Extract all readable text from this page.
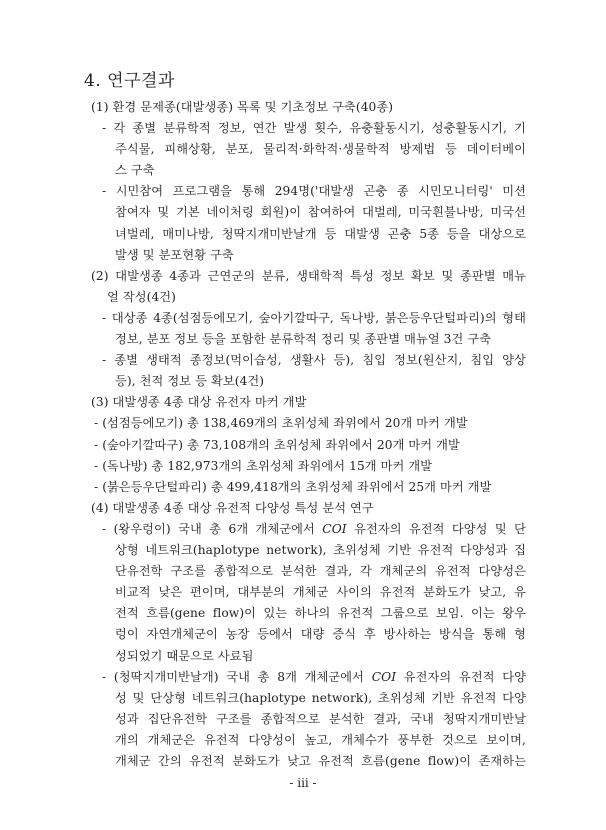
4. 연구결과
(1) 환경 문제종(대발생종) 목록 및 기초정보 구축(40종)
- 각 종별 분류학적 정보, 연간 발생 횟수, 유충활동시기, 성충활동시기, 기
주식물, 피해상황, 분포, 물리적·화학적·생물학적 방제법 등 데이터베이
스 구축
- 시민참여 프로그램을 통해 294명('대발생 곤충 종 시민모니터링' 미션
참여자 및 기본 네이처링 회원)이 참여하여 대벌레, 미국흰불나방, 미국선
녀벌레, 매미나방, 청딱지개미반날개 등 대발생 곤충 5종 등을 대상으로
발생 및 분포현황 구축
(2) 대발생종 4종과 근연군의 분류, 생태학적 특성 정보 확보 및 종판별 매뉴
얼 작성(4건)
- 대상종 4종(섬점등에모기, 숲아기깔따구, 독나방, 붉은등우단털파리)의 형태
정보, 분포 정보 등을 포함한 분류학적 정리 및 종판별 매뉴얼 3건 구축
- 종별 생태적 종정보(먹이습성, 생활사 등), 침입 정보(원산지, 침입 양상
등), 천적 정보 등 확보(4건)
(3) 대발생종 4종 대상 유전자 마커 개발
- (섬점등에모기) 총 138,469개의 초위성체 좌위에서 20개 마커 개발
- (숲아기깔따구) 총 73,108개의 초위성체 좌위에서 20개 마커 개발
- (독나방) 총 182,973개의 초위성체 좌위에서 15개 마커 개발
- (붉은등우단털파리) 총 499,418개의 초위성체 좌위에서 25개 마커 개발
(4) 대발생종 4종 대상 유전적 다양성 특성 분석 연구
- (왕우렁이) 국내 총 6개 개체군에서 COI 유전자의 유전적 다양성 및 단
상형 네트워크(haplotype network), 초위성체 기반 유전적 다양성과 집
단유전학 구조를 종합적으로 분석한 결과, 각 개체군의 유전적 다양성은
비교적 낮은 편이며, 대부분의 개체군 사이의 유전적 분화도가 낮고, 유
전적 흐름(gene flow)이 있는 하나의 유전적 그룹으로 보임. 이는 왕우
렁이 자연개체군이 농장 등에서 대량 증식 후 방사하는 방식을 통해 형
성되었기 때문으로 사료됨
- (청딱지개미반날개) 국내 총 8개 개체군에서 COI 유전자의 유전적 다양
성 및 단상형 네트워크(haplotype network), 초위성체 기반 유전적 다양
성과 집단유전학 구조를 종합적으로 분석한 결과, 국내 청딱지개미반날
- iii -
개의 개체군은 유전적 다양성이 높고, 개체수가 풍부한 것으로 보이며,
개체군 간의 유전적 분화도가 낮고 유전적 흐름(gene flow)이 존재하는
